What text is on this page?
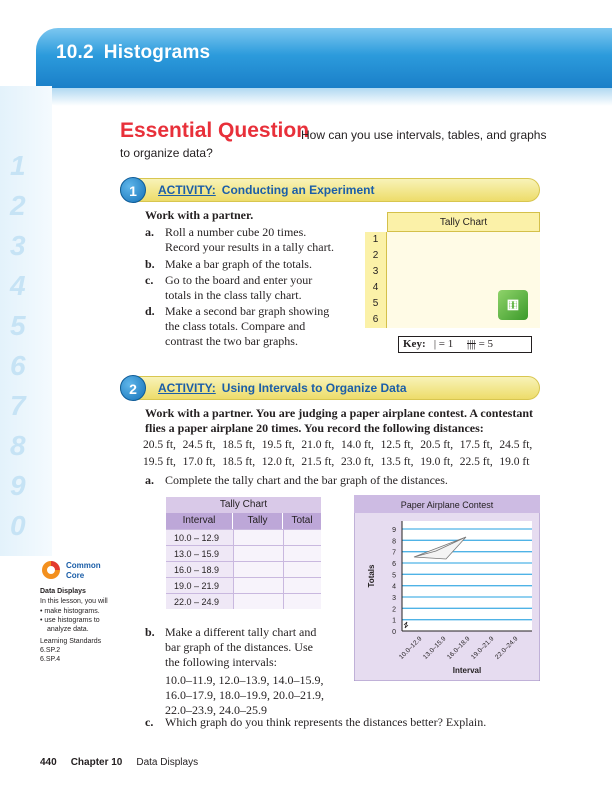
10.2 Histograms
1
2
3
4
5
6
7
8
9
0
Essential Question
How can you use intervals, tables, and graphs to organize data?
1	ACTIVITY: Conducting an Experiment
Work with a partner.
a. Roll a number cube 20 times.
Record your results in a tally chart.
b. Make a bar graph of the totals.
c. Go to the board and enter your
totals in the class tally chart.
d. Make a second bar graph showing
the class totals. Compare and
contrast the two bar graphs.
Tally Chart
1
2
3
4
5
6
⚅
Key: | = 1 |||| = 5
2	ACTIVITY: Using Intervals to Organize Data
Work with a partner. You are judging a paper airplane contest. A contestant
flies a paper airplane 20 times. You record the following distances:
20.5 ft, 24.5 ft, 18.5 ft, 19.5 ft, 21.0 ft, 14.0 ft, 12.5 ft, 20.5 ft, 17.5 ft, 24.5 ft,
19.5 ft, 17.0 ft, 18.5 ft, 12.0 ft, 21.5 ft, 23.0 ft, 13.5 ft, 19.0 ft, 22.5 ft, 19.0 ft
a. Complete the tally chart and the bar graph of the distances.
Tally Chart
Interval	Tally	Total
10.0 – 12.9
13.0 – 15.9
16.0 – 18.9
19.0 – 21.9
22.0 – 24.9
Paper Airplane Contest
0
1
2
3
4
5
6
7
8
9
10.0–12.9
13.0–15.9
16.0–18.9
19.0–21.9
22.0–24.9
Interval
Totals
b. Make a different tally chart and
bar graph of the distances. Use
the following intervals:
10.0–11.9, 12.0–13.9, 14.0–15.9,
16.0–17.9, 18.0–19.9, 20.0–21.9,
22.0–23.9, 24.0–25.9
c. Which graph do you think represents the distances better? Explain.
Common
Core
Data Displays
In this lesson, you will
• make histograms.
• use histograms to
analyze data.
Learning Standards
6.SP.2
6.SP.4
440 Chapter 10 Data Displays
